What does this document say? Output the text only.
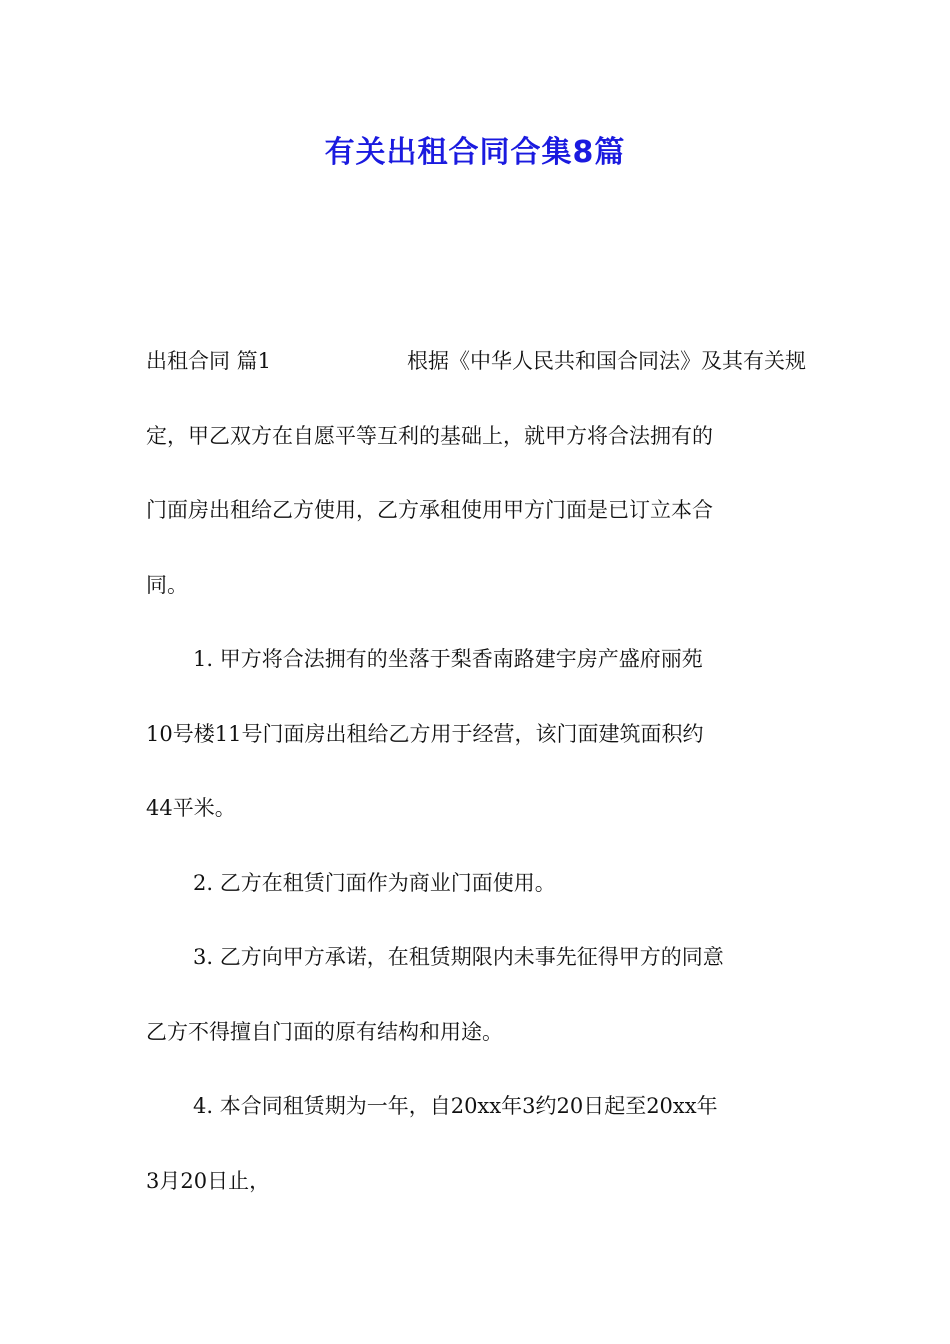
有关出租合同合集8篇
出租合同 篇1	根据《中华人民共和国合同法》及其有关规
定，甲乙双方在自愿平等互利的基础上，就甲方将合法拥有的
门面房出租给乙方使用，乙方承租使用甲方门面是已订立本合
同。
1. 甲方将合法拥有的坐落于梨香南路建宇房产盛府丽苑
10号楼11号门面房出租给乙方用于经营，该门面建筑面积约
44平米。
2. 乙方在租赁门面作为商业门面使用。
3. 乙方向甲方承诺，在租赁期限内未事先征得甲方的同意
乙方不得擅自门面的原有结构和用途。
4. 本合同租赁期为一年，自20xx年3约20日起至20xx年
3月20日止，
